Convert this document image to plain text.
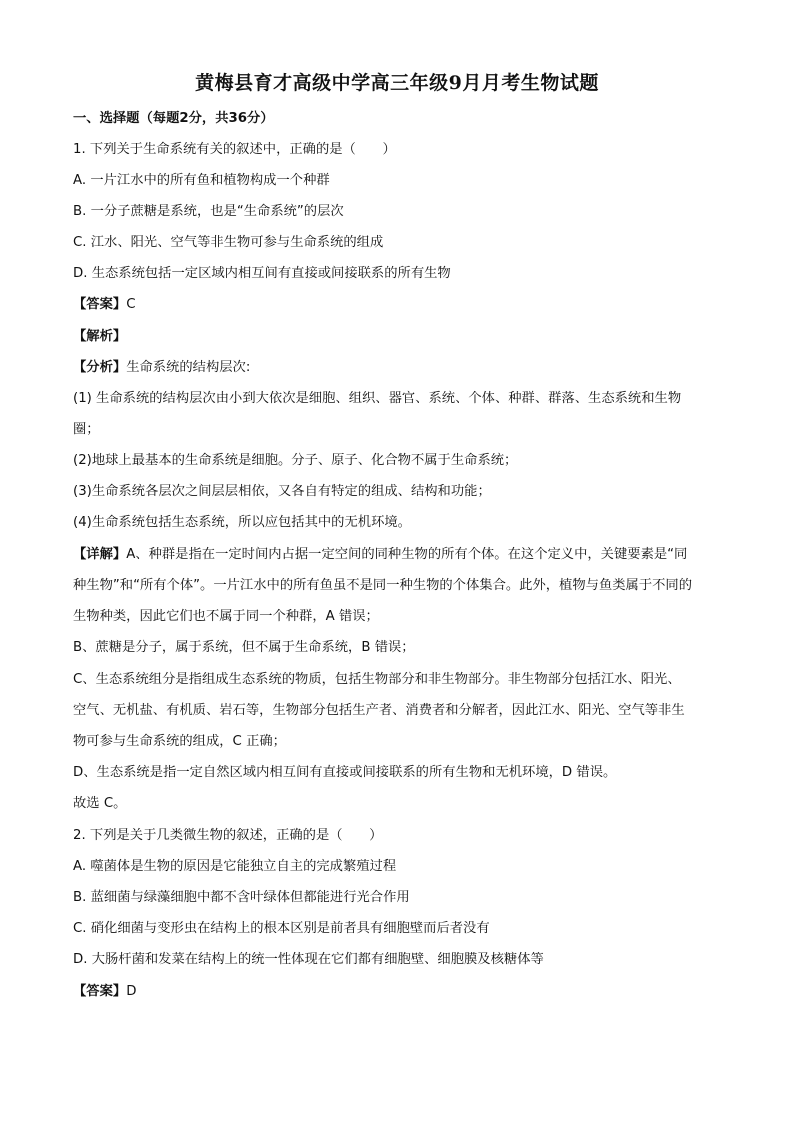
黄梅县育才高级中学高三年级9月月考生物试题
一、选择题（每题2分，共36分）
1. 下列关于生命系统有关的叙述中，正确的是（　　）
A. 一片江水中的所有鱼和植物构成一个种群
B. 一分子蔗糖是系统，也是“生命系统”的层次
C. 江水、阳光、空气等非生物可参与生命系统的组成
D. 生态系统包括一定区域内相互间有直接或间接联系的所有生物
【答案】C
【解析】
【分析】生命系统的结构层次:
(1) 生命系统的结构层次由小到大依次是细胞、组织、器官、系统、个体、种群、群落、生态系统和生物
圈；
(2)地球上最基本的生命系统是细胞。分子、原子、化合物不属于生命系统；
(3)生命系统各层次之间层层相依，又各自有特定的组成、结构和功能；
(4)生命系统包括生态系统，所以应包括其中的无机环境。
【详解】A、种群是指在一定时间内占据一定空间的同种生物的所有个体。在这个定义中，关键要素是“同
种生物”和“所有个体”。一片江水中的所有鱼虽不是同一种生物的个体集合。此外，植物与鱼类属于不同的
生物种类，因此它们也不属于同一个种群，A 错误；
B、蔗糖是分子，属于系统，但不属于生命系统，B 错误；
C、生态系统组分是指组成生态系统的物质，包括生物部分和非生物部分。非生物部分包括江水、阳光、
空气、无机盐、有机质、岩石等，生物部分包括生产者、消费者和分解者，因此江水、阳光、空气等非生
物可参与生命系统的组成，C 正确；
D、生态系统是指一定自然区域内相互间有直接或间接联系的所有生物和无机环境，D 错误。
故选 C。
2. 下列是关于几类微生物的叙述，正确的是（　　）
A. 噬菌体是生物的原因是它能独立自主的完成繁殖过程
B. 蓝细菌与绿藻细胞中都不含叶绿体但都能进行光合作用
C. 硝化细菌与变形虫在结构上的根本区别是前者具有细胞壁而后者没有
D. 大肠杆菌和发菜在结构上的统一性体现在它们都有细胞壁、细胞膜及核糖体等
【答案】D
